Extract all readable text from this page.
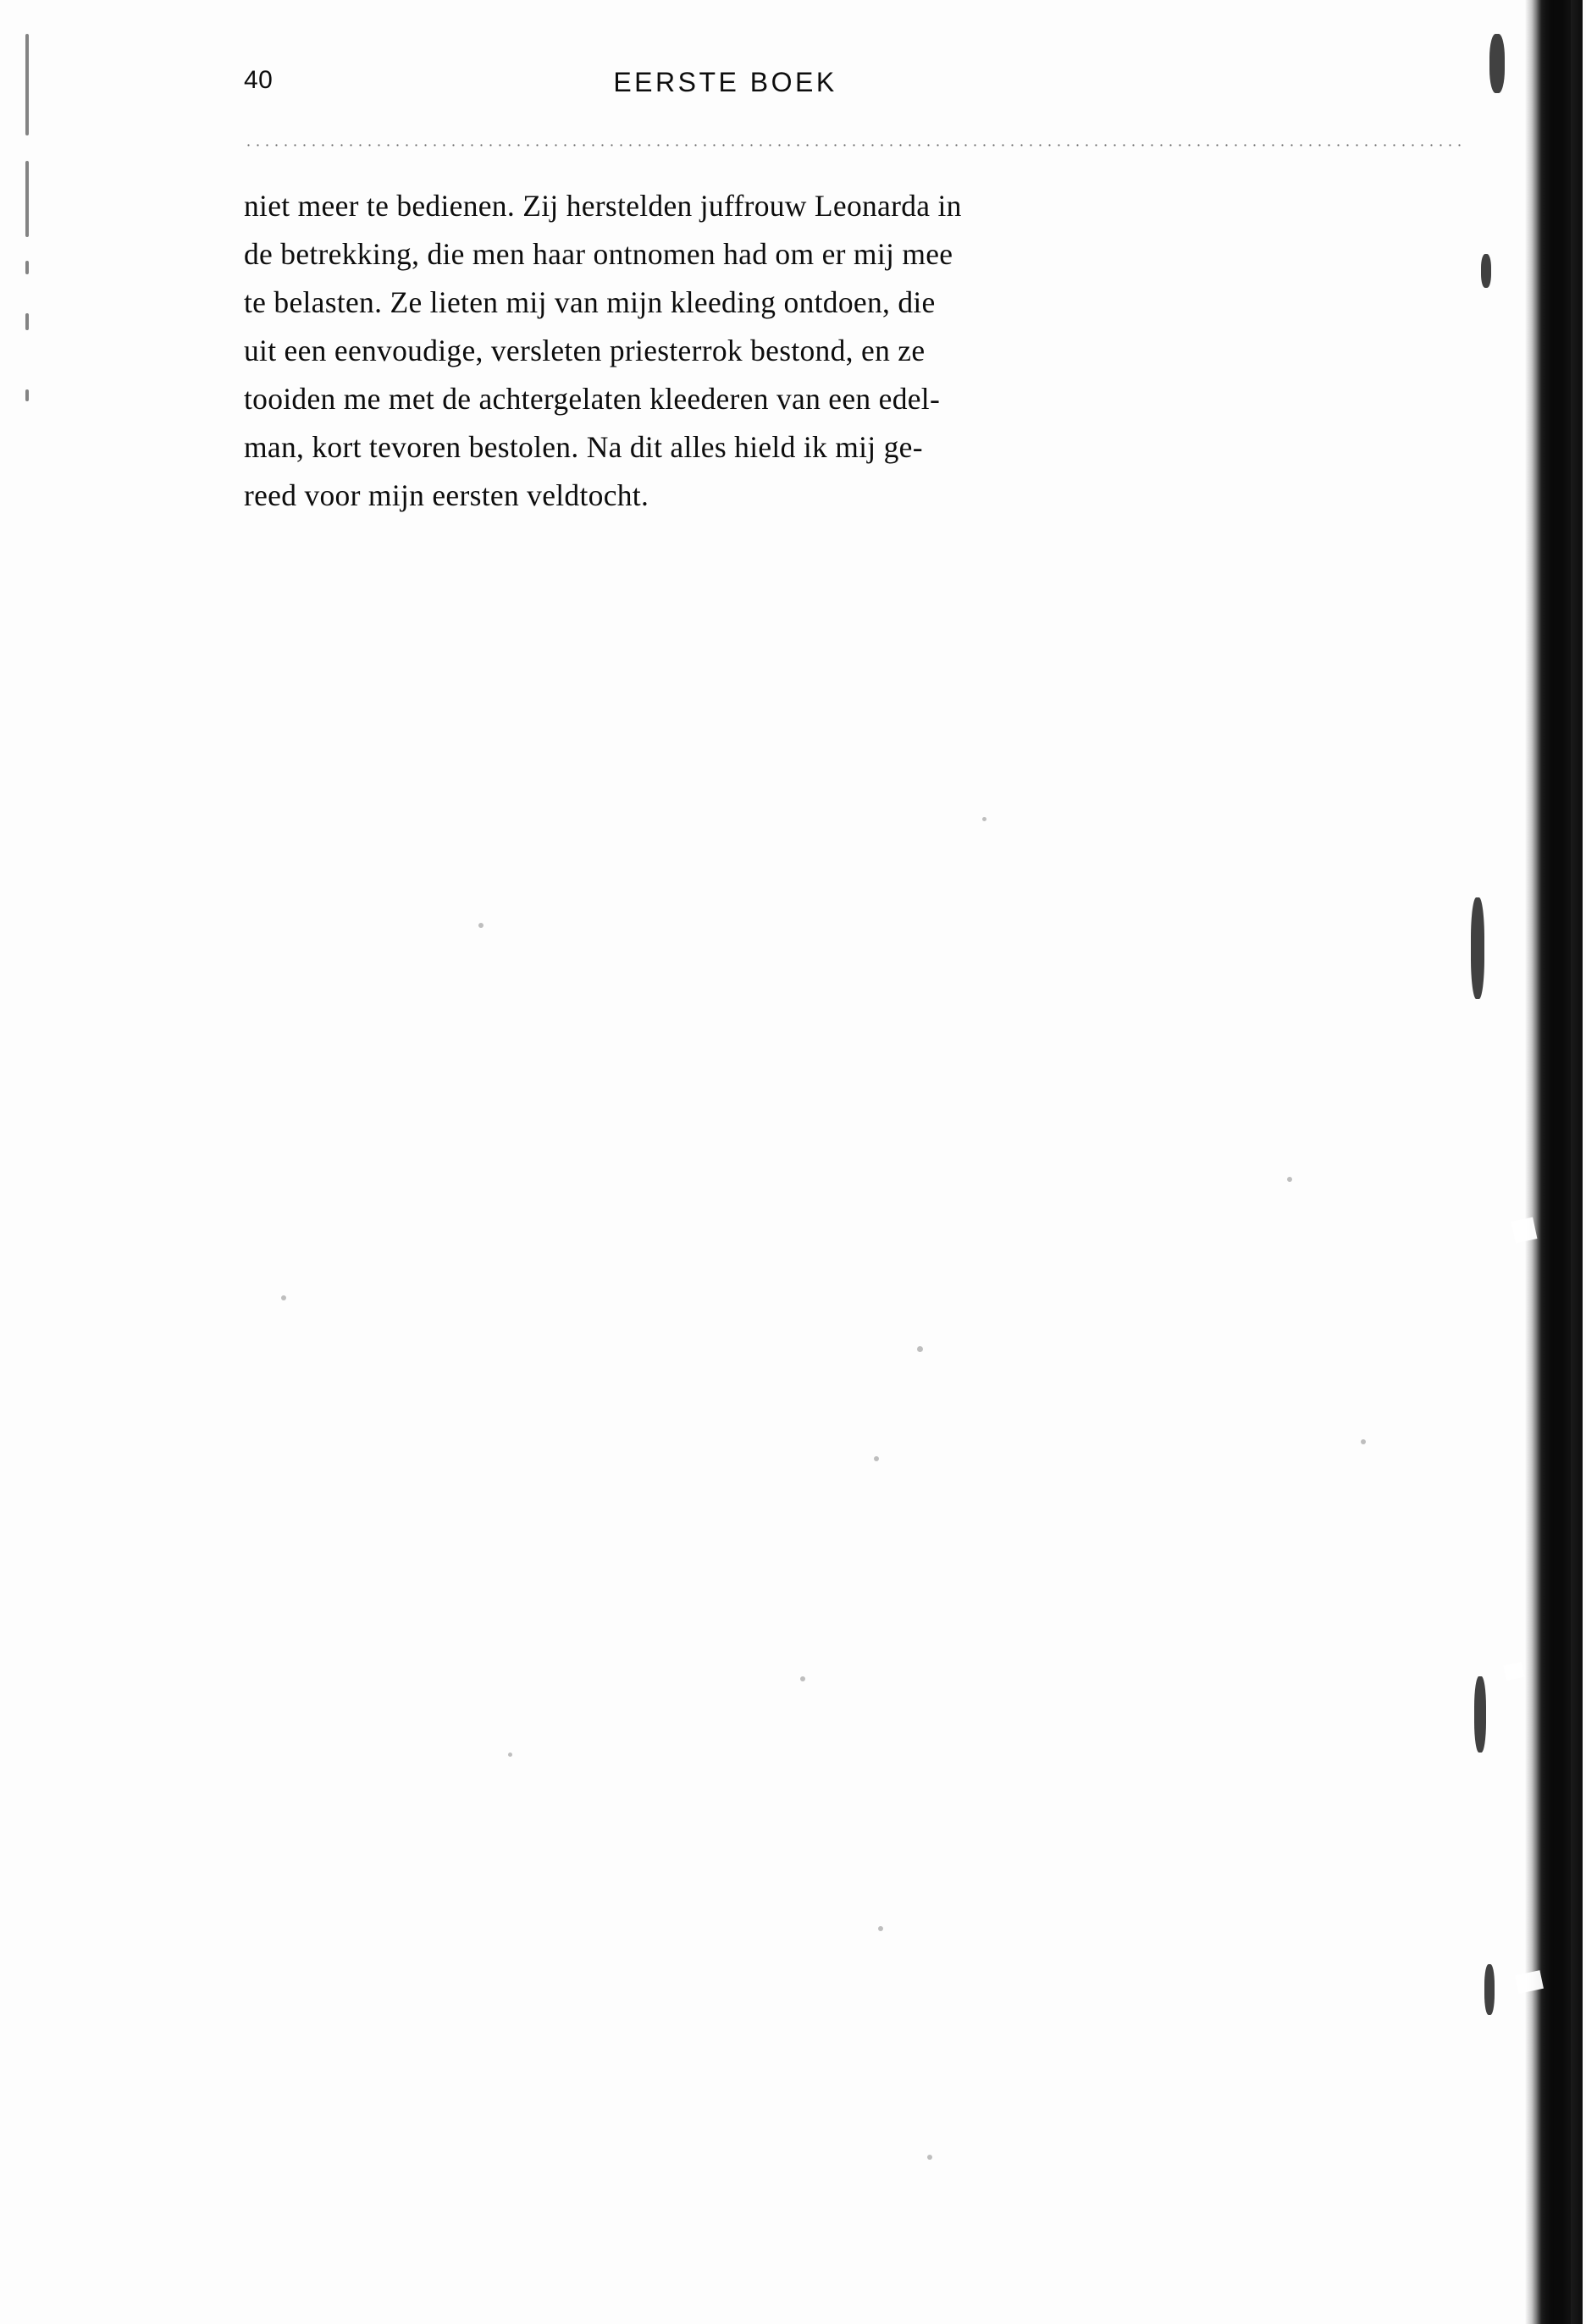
40	EERSTE BOEK
niet meer te bedienen. Zij herstelden juffrouw Leonarda in
de betrekking, die men haar ontnomen had om er mij mee
te belasten. Ze lieten mij van mijn kleeding ontdoen, die
uit een eenvoudige, versleten priesterrok bestond, en ze
tooiden me met de achtergelaten kleederen van een edel-
man, kort tevoren bestolen. Na dit alles hield ik mij ge-
reed voor mijn eersten veldtocht.
